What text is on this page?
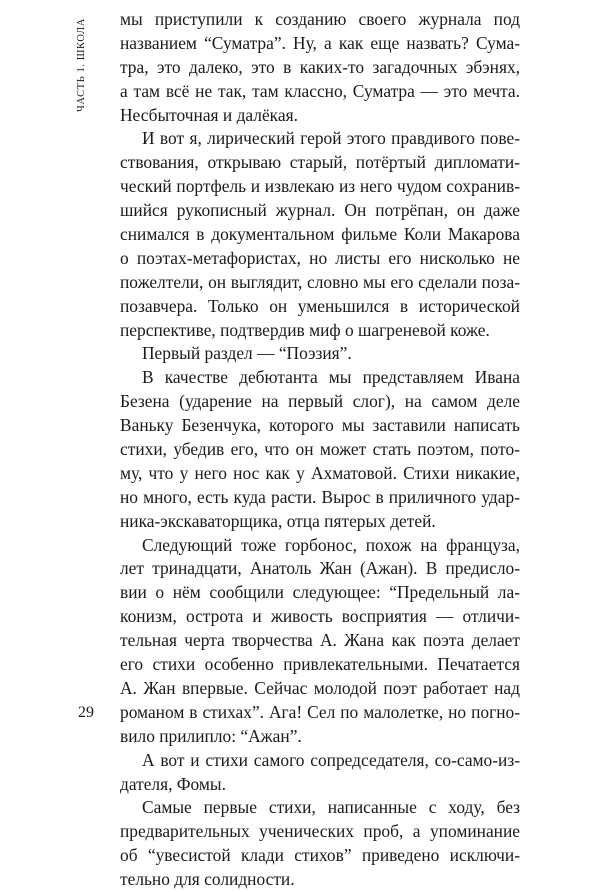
ЧАСТЬ 1. ШКОЛА мы приступили к созданию своего журнала под
названием “Суматра”. Ну, а как еще назвать? Сума-
тра, это далеко, это в каких-то загадочных эбэнях,
а там всё не так, там классно, Суматра — это мечта.
Несбыточная и далёкая.
И вот я, лирический герой этого правдивого пове-
ствования, открываю старый, потёртый дипломати-
ческий портфель и извлекаю из него чудом сохранив-
шийся рукописный журнал. Он потрёпан, он даже
снимался в документальном фильме Коли Макарова
о поэтах-метафористах, но листы его нисколько не
пожелтели, он выглядит, словно мы его сделали поза-
позавчера. Только он уменьшился в исторической
перспективе, подтвердив миф о шагреневой коже.
Первый раздел — “Поэзия”.
В качестве дебютанта мы представляем Ивана
Безена (ударение на первый слог), на самом деле
Ваньку Безенчука, которого мы заставили написать
стихи, убедив его, что он может стать поэтом, пото-
му, что у него нос как у Ахматовой. Стихи никакие,
но много, есть куда расти. Вырос в приличного удар-
ника-экскаваторщика, отца пятерых детей.
Следующий тоже горбонос, похож на француза,
лет тринадцати, Анатоль Жан (Ажан). В предисло-
вии о нём сообщили следующее: “Предельный ла-
конизм, острота и живость восприятия — отличи-
тельная черта творчества А. Жана как поэта делает
его стихи особенно привлекательными. Печатается
А. Жан впервые. Сейчас молодой поэт работает над
романом в стихах”. Ага! Сел по малолетке, но погно-
вило прилипло: “Ажан”.
А вот и стихи самого сопредседателя, со-само-из-
дателя, Фомы.
Самые первые стихи, написанные с ходу, без
предварительных ученических проб, а упоминание
об “увесистой клади стихов” приведено исключи-
тельно для солидности.
29
